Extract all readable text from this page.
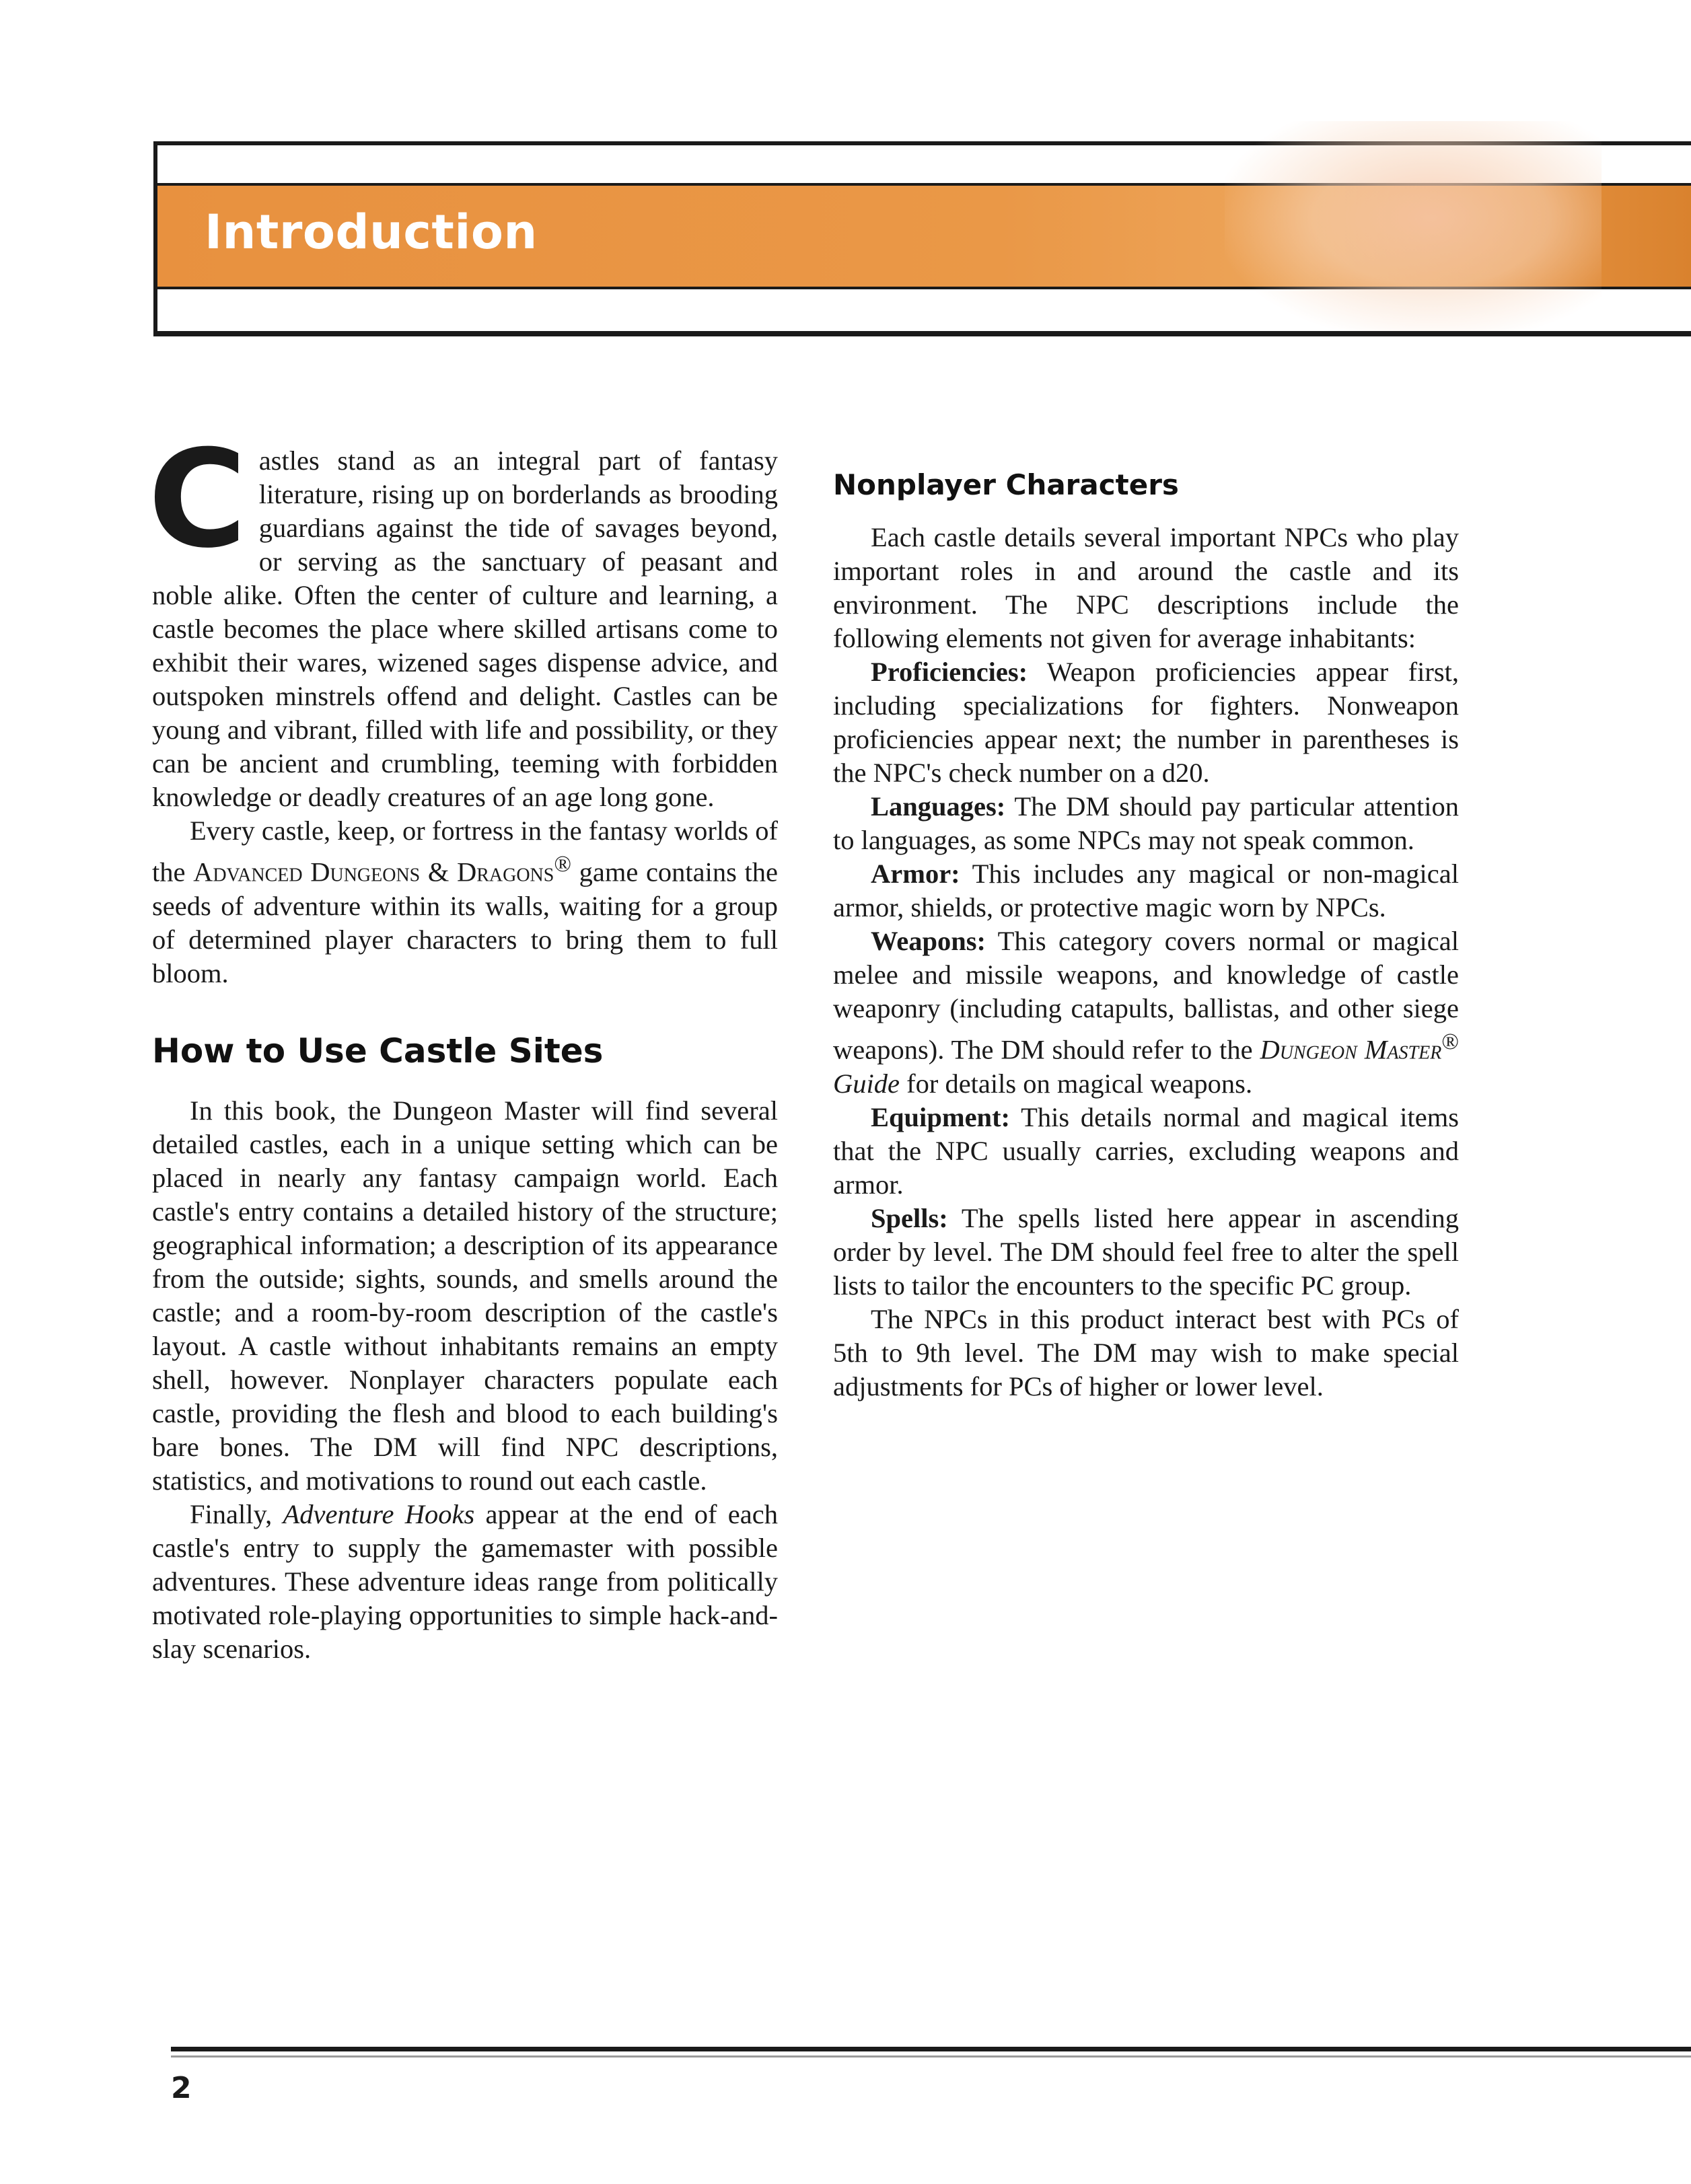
Introduction

Castles stand as an integral part of fantasy literature, rising up on borderlands as brooding guardians against the tide of savages beyond, or serving as the sanctuary of peasant and noble alike. Often the center of culture and learning, a castle becomes the place where skilled artisans come to exhibit their wares, wizened sages dispense advice, and outspoken minstrels offend and delight. Castles can be young and vibrant, filled with life and possibility, or they can be ancient and crumbling, teeming with forbidden knowledge or deadly creatures of an age long gone.

Every castle, keep, or fortress in the fantasy worlds of the Advanced Dungeons & Dragons® game contains the seeds of adventure within its walls, waiting for a group of determined player characters to bring them to full bloom.

How to Use Castle Sites

In this book, the Dungeon Master will find several detailed castles, each in a unique setting which can be placed in nearly any fantasy campaign world. Each castle's entry contains a detailed history of the structure; geographical information; a description of its appearance from the outside; sights, sounds, and smells around the castle; and a room-by-room description of the castle's layout. A castle without inhabitants remains an empty shell, however. Nonplayer characters populate each castle, providing the flesh and blood to each building's bare bones. The DM will find NPC descriptions, statistics, and motivations to round out each castle.

Finally, Adventure Hooks appear at the end of each castle's entry to supply the gamemaster with possible adventures. These adventure ideas range from politically motivated role-playing opportunities to simple hack-and-slay scenarios.

Nonplayer Characters

Each castle details several important NPCs who play important roles in and around the castle and its environment. The NPC descriptions include the following elements not given for average inhabitants:

Proficiencies: Weapon proficiencies appear first, including specializations for fighters. Nonweapon proficiencies appear next; the number in parentheses is the NPC's check number on a d20.

Languages: The DM should pay particular attention to languages, as some NPCs may not speak common.

Armor: This includes any magical or non-magical armor, shields, or protective magic worn by NPCs.

Weapons: This category covers normal or magical melee and missile weapons, and knowledge of castle weaponry (including catapults, ballistas, and other siege weapons). The DM should refer to the Dungeon Master® Guide for details on magical weapons.

Equipment: This details normal and magical items that the NPC usually carries, excluding weapons and armor.

Spells: The spells listed here appear in ascending order by level. The DM should feel free to alter the spell lists to tailor the encounters to the specific PC group.

The NPCs in this product interact best with PCs of 5th to 9th level. The DM may wish to make special adjustments for PCs of higher or lower level.

2
